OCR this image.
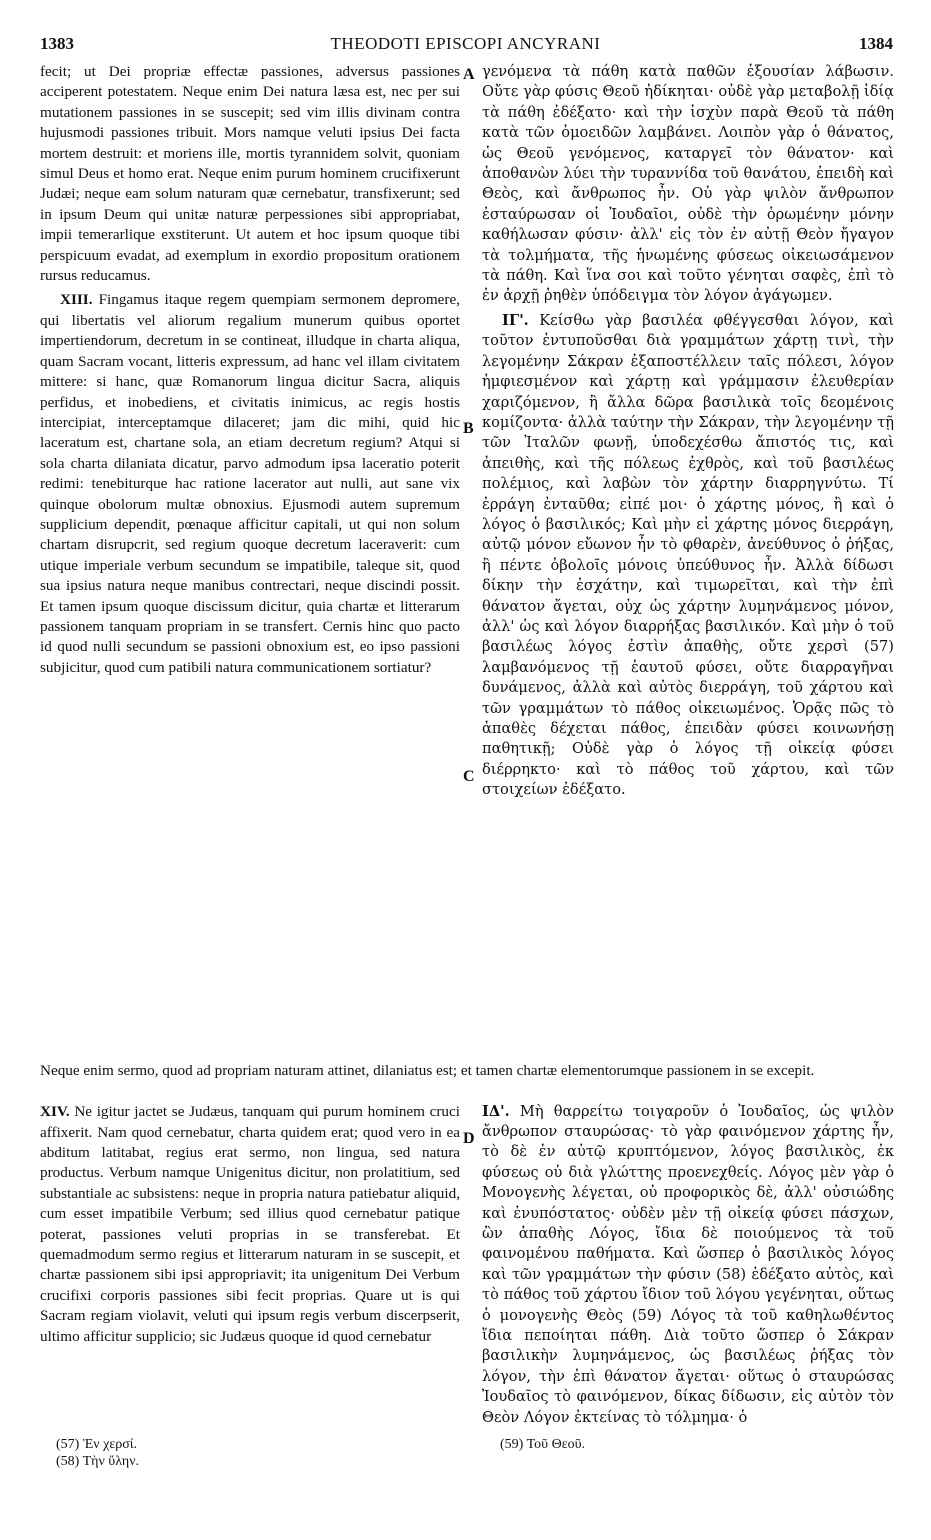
1383	THEODOTI EPISCOPI ANCYRANI	1384
A
B
C
D

fecit; ut Dei propriæ effectæ passiones, adversus passiones acciperent potestatem. Neque enim Dei natura læsa est, nec per sui mutationem passiones in se suscepit; sed vim illis divinam contra hujusmodi passiones tribuit. Mors namque veluti ipsius Dei facta mortem destruit: et moriens ille, mortis tyrannidem solvit, quoniam simul Deus et homo erat. Neque enim purum hominem crucifixerunt Judæi; neque eam solum naturam quæ cernebatur, transfixerunt; sed in ipsum Deum qui unitæ naturæ perpessiones sibi appropriabat, impii temerarlique exstiterunt. Ut autem et hoc ipsum quoque tibi perspicuum evadat, ad exemplum in exordio propositum orationem rursus reducamus.

XIII. Fingamus itaque regem quempiam sermonem depromere, qui libertatis vel aliorum regalium munerum quibus oportet impertiendorum, decretum in se contineat, illudque in charta aliqua, quam Sacram vocant, litteris expressum, ad hanc vel illam civitatem mittere: si hanc, quæ Romanorum lingua dicitur Sacra, aliquis perfidus, et inobediens, et civitatis inimicus, ac regis hostis intercipiat, interceptamque dilaceret; jam dic mihi, quid hic laceratum est, chartane sola, an etiam decretum regium? Atqui si sola charta dilaniata dicatur, parvo admodum ipsa laceratio poterit redimi: tenebiturque hac ratione lacerator aut nulli, aut sane vix quinque obolorum multæ obnoxius. Ejusmodi autem supremum supplicium dependit, pœnaque afficitur capitali, ut qui non solum chartam disrupcrit, sed regium quoque decretum laceraverit: cum utique imperiale verbum secundum se impatibile, taleque sit, quod sua ipsius natura neque manibus contrectari, neque discindi possit. Et tamen ipsum quoque discissum dicitur, quia chartæ et litterarum passionem tanquam propriam in se transfert. Cernis hinc quo pacto id quod nulli secundum se passioni obnoxium est, eo ipso passioni subjicitur, quod cum patibili natura communicationem sortiatur?

γενόμενα τὰ πάθη κατὰ παθῶν ἐξουσίαν λάβωσιν. Οὔτε γὰρ φύσις Θεοῦ ἠδίκηται· οὐδὲ γὰρ μεταβολῇ ἰδίᾳ τὰ πάθη ἐδέξατο· καὶ τὴν ἰσχὺν παρὰ Θεοῦ τὰ πάθη κατὰ τῶν ὁμοειδῶν λαμβάνει. Λοιπὸν γὰρ ὁ θάνατος, ὡς Θεοῦ γενόμενος, καταργεῖ τὸν θάνατον· καὶ ἀποθανὼν λύει τὴν τυραννίδα τοῦ θανάτου, ἐπειδὴ καὶ Θεὸς, καὶ ἄνθρωπος ἦν. Οὐ γὰρ ψιλὸν ἄνθρωπον ἐσταύρωσαν οἱ Ἰουδαῖοι, οὐδὲ τὴν ὁρωμένην μόνην καθήλωσαν φύσιν· ἀλλ' εἰς τὸν ἐν αὐτῇ Θεὸν ἤγαγον τὰ τολμήματα, τῆς ἡνωμένης φύσεως οἰκειωσάμενον τὰ πάθη. Καὶ ἵνα σοι καὶ τοῦτο γένηται σαφὲς, ἐπὶ τὸ ἐν ἀρχῇ ῥηθὲν ὑπόδειγμα τὸν λόγον ἀγάγωμεν.

ΙΓ'. Κείσθω γὰρ βασιλέα φθέγγεσθαι λόγον, καὶ τοῦτον ἐντυποῦσθαι διὰ γραμμάτων χάρτῃ τινὶ, τὴν λεγομένην Σάκραν ἐξαποστέλλειν ταῖς πόλεσι, λόγον ἡμφιεσμένον καὶ χάρτῃ καὶ γράμμασιν ἐλευθερίαν χαριζόμενον, ἢ ἄλλα δῶρα βασιλικὰ τοῖς δεομένοις κομίζοντα· ἀλλὰ ταύτην τὴν Σάκραν, τὴν λεγομένην τῇ τῶν Ἰταλῶν φωνῇ, ὑποδεχέσθω ἄπιστός τις, καὶ ἀπειθὴς, καὶ τῆς πόλεως ἐχθρὸς, καὶ τοῦ βασιλέως πολέμιος, καὶ λαβὼν τὸν χάρτην διαρρηγνύτω. Τί ἐρράγη ἐνταῦθα; εἰπέ μοι· ὁ χάρτης μόνος, ἢ καὶ ὁ λόγος ὁ βασιλικός; Καὶ μὴν εἰ χάρτης μόνος διερράγη, αὐτῷ μόνον εὔωνον ἦν τὸ φθαρὲν, ἀνεύθυνος ὁ ῥήξας, ἢ πέντε ὀβολοῖς μόνοις ὑπεύθυνος ἦν. Ἀλλὰ δίδωσι δίκην τὴν ἐσχάτην, καὶ τιμωρεῖται, καὶ τὴν ἐπὶ θάνατον ἄγεται, οὐχ ὡς χάρτην λυμηνάμενος μόνον, ἀλλ' ὡς καὶ λόγον διαρρήξας βασιλικόν. Καὶ μὴν ὁ τοῦ βασιλέως λόγος ἐστὶν ἀπαθὴς, οὔτε χερσὶ (57) λαμβανόμενος τῇ ἑαυτοῦ φύσει, οὔτε διαρραγῆναι δυνάμενος, ἀλλὰ καὶ αὐτὸς διερράγη, τοῦ χάρτου καὶ τῶν γραμμάτων τὸ πάθος οἰκειωμένος. Ὁρᾷς πῶς τὸ ἀπαθὲς δέχεται πάθος, ἐπειδὰν φύσει κοινωνήσῃ παθητικῇ; Οὐδὲ γὰρ ὁ λόγος τῇ οἰκείᾳ φύσει διέρρηκτο· καὶ τὸ πάθος τοῦ χάρτου, καὶ τῶν στοιχείων ἐδέξατο.

Neque enim sermo, quod ad propriam naturam attinet, dilaniatus est; et tamen chartæ elementorumque passionem in se excepit.

XIV. Ne igitur jactet se Judæus, tanquam qui purum hominem cruci affixerit. Nam quod cernebatur, charta quidem erat; quod vero in ea abditum latitabat, regius erat sermo, non lingua, sed natura productus. Verbum namque Unigenitus dicitur, non prolatitium, sed substantiale ac subsistens: neque in propria natura patiebatur aliquid, cum esset impatibile Verbum; sed illius quod cernebatur patique poterat, passiones veluti proprias in se transferebat. Et quemadmodum sermo regius et litterarum naturam in se suscepit, et chartæ passionem sibi ipsi appropriavit; ita unigenitum Dei Verbum crucifixi corporis passiones sibi fecit proprias. Quare ut is qui Sacram regiam violavit, veluti qui ipsum regis verbum discerpserit, ultimo afficitur supplicio; sic Judæus quoque id quod cernebatur

ΙΔ'. Μὴ θαρρείτω τοιγαροῦν ὁ Ἰουδαῖος, ὡς ψιλὸν ἄνθρωπον σταυρώσας· τὸ γὰρ φαινόμενον χάρτης ἦν, τὸ δὲ ἐν αὐτῷ κρυπτόμενον, λόγος βασιλικὸς, ἐκ φύσεως οὐ διὰ γλώττης προενεχθείς. Λόγος μὲν γὰρ ὁ Μονογενὴς λέγεται, οὐ προφορικὸς δὲ, ἀλλ' οὐσιώδης καὶ ἐνυπόστατος· οὐδὲν μὲν τῇ οἰκείᾳ φύσει πάσχων, ὢν ἀπαθὴς Λόγος, ἴδια δὲ ποιούμενος τὰ τοῦ φαινομένου παθήματα. Καὶ ὥσπερ ὁ βασιλικὸς λόγος καὶ τῶν γραμμάτων τὴν φύσιν (58) ἐδέξατο αὐτὸς, καὶ τὸ πάθος τοῦ χάρτου ἴδιον τοῦ λόγου γεγένηται, οὕτως ὁ μονογενὴς Θεὸς (59) Λόγος τὰ τοῦ καθηλωθέντος ἴδια πεποίηται πάθη. Διὰ τοῦτο ὥσπερ ὁ Σάκραν βασιλικὴν λυμηνάμενος, ὡς βασιλέως ῥήξας τὸν λόγον, τὴν ἐπὶ θάνατον ἄγεται· οὕτως ὁ σταυρώσας Ἰουδαῖος τὸ φαινόμενον, δίκας δίδωσιν, εἰς αὐτὸν τὸν Θεὸν Λόγον ἐκτείνας τὸ τόλμημα· ὁ

(57) Ἐν χερσί.
(58) Τὴν ὕλην.
(59) Τοῦ Θεοῦ.
